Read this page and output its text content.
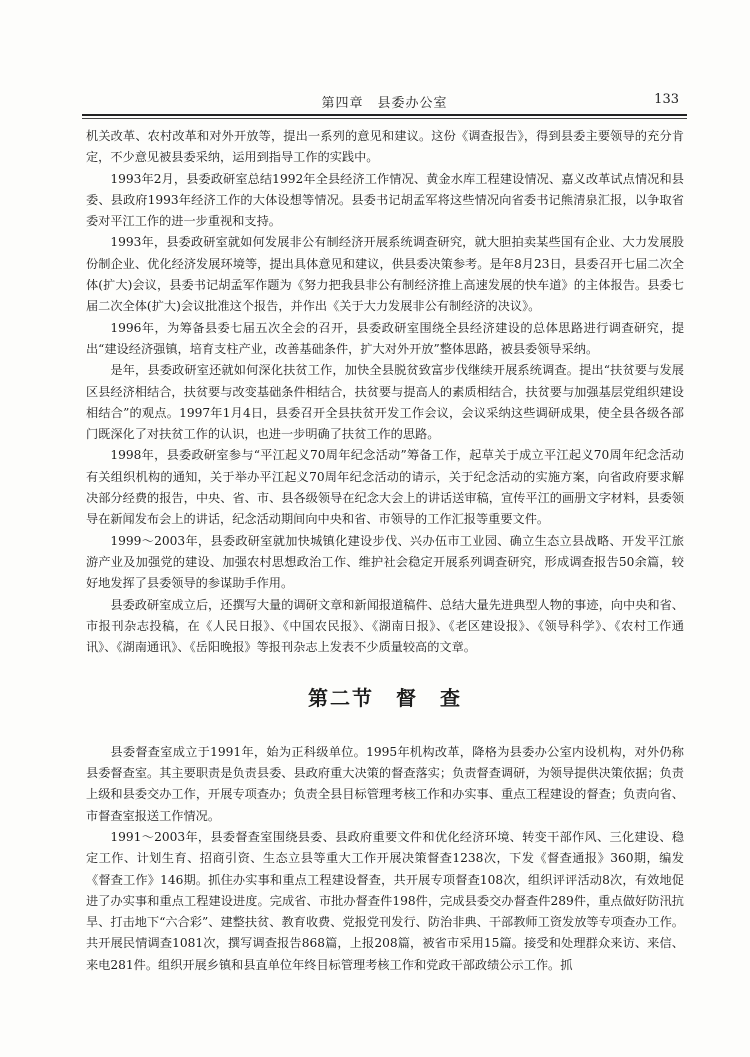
第四章　县委办公室	133

机关改革、农村改革和对外开放等，提出一系列的意见和建议。这份《调查报告》，得到县委主要领导的充分肯定，不少意见被县委采纳，运用到指导工作的实践中。

1993年2月，县委政研室总结1992年全县经济工作情况、黄金水库工程建设情况、嘉义改革试点情况和县委、县政府1993年经济工作的大体设想等情况。县委书记胡孟军将这些情况向省委书记熊清泉汇报，以争取省委对平江工作的进一步重视和支持。

1993年，县委政研室就如何发展非公有制经济开展系统调查研究，就大胆拍卖某些国有企业、大力发展股份制企业、优化经济发展环境等，提出具体意见和建议，供县委决策参考。是年8月23日，县委召开七届二次全体(扩大)会议，县委书记胡孟军作题为《努力把我县非公有制经济推上高速发展的快车道》的主体报告。县委七届二次全体(扩大)会议批准这个报告，并作出《关于大力发展非公有制经济的决议》。

1996年，为筹备县委七届五次全会的召开，县委政研室围绕全县经济建设的总体思路进行调查研究，提出“建设经济强镇，培育支柱产业，改善基础条件，扩大对外开放”整体思路，被县委领导采纳。

是年，县委政研室还就如何深化扶贫工作，加快全县脱贫致富步伐继续开展系统调查。提出“扶贫要与发展区县经济相结合，扶贫要与改变基础条件相结合，扶贫要与提高人的素质相结合，扶贫要与加强基层党组织建设相结合”的观点。1997年1月4日，县委召开全县扶贫开发工作会议，会议采纳这些调研成果，使全县各级各部门既深化了对扶贫工作的认识，也进一步明确了扶贫工作的思路。

1998年，县委政研室参与“平江起义70周年纪念活动”筹备工作，起草关于成立平江起义70周年纪念活动有关组织机构的通知，关于举办平江起义70周年纪念活动的请示，关于纪念活动的实施方案，向省政府要求解决部分经费的报告，中央、省、市、县各级领导在纪念大会上的讲话送审稿，宣传平江的画册文字材料，县委领导在新闻发布会上的讲话，纪念活动期间向中央和省、市领导的工作汇报等重要文件。

1999～2003年，县委政研室就加快城镇化建设步伐、兴办伍市工业园、确立生态立县战略、开发平江旅游产业及加强党的建设、加强农村思想政治工作、维护社会稳定开展系列调查研究，形成调查报告50余篇，较好地发挥了县委领导的参谋助手作用。

县委政研室成立后，还撰写大量的调研文章和新闻报道稿件、总结大量先进典型人物的事迹，向中央和省、市报刊杂志投稿，在《人民日报》、《中国农民报》、《湖南日报》、《老区建设报》、《领导科学》、《农村工作通讯》、《湖南通讯》、《岳阳晚报》等报刊杂志上发表不少质量较高的文章。

第二节　督　查

县委督查室成立于1991年，始为正科级单位。1995年机构改革，降格为县委办公室内设机构，对外仍称县委督查室。其主要职责是负责县委、县政府重大决策的督查落实；负责督查调研，为领导提供决策依据；负责上级和县委交办工作，开展专项查办；负责全县目标管理考核工作和办实事、重点工程建设的督查；负责向省、市督查室报送工作情况。

1991～2003年，县委督查室围绕县委、县政府重要文件和优化经济环境、转变干部作风、三化建设、稳定工作、计划生育、招商引资、生态立县等重大工作开展决策督查1238次，下发《督查通报》360期，编发《督查工作》146期。抓住办实事和重点工程建设督查，共开展专项督查108次，组织评评活动8次，有效地促进了办实事和重点工程建设进度。完成省、市批办督查件198件，完成县委交办督查件289件，重点做好防汛抗旱、打击地下“六合彩”、建整扶贫、教育收费、党报党刊发行、防治非典、干部教师工资发放等专项查办工作。共开展民情调查1081次，撰写调查报告868篇，上报208篇，被省市采用15篇。接受和处理群众来访、来信、来电281件。组织开展乡镇和县直单位年终目标管理考核工作和党政干部政绩公示工作。抓
